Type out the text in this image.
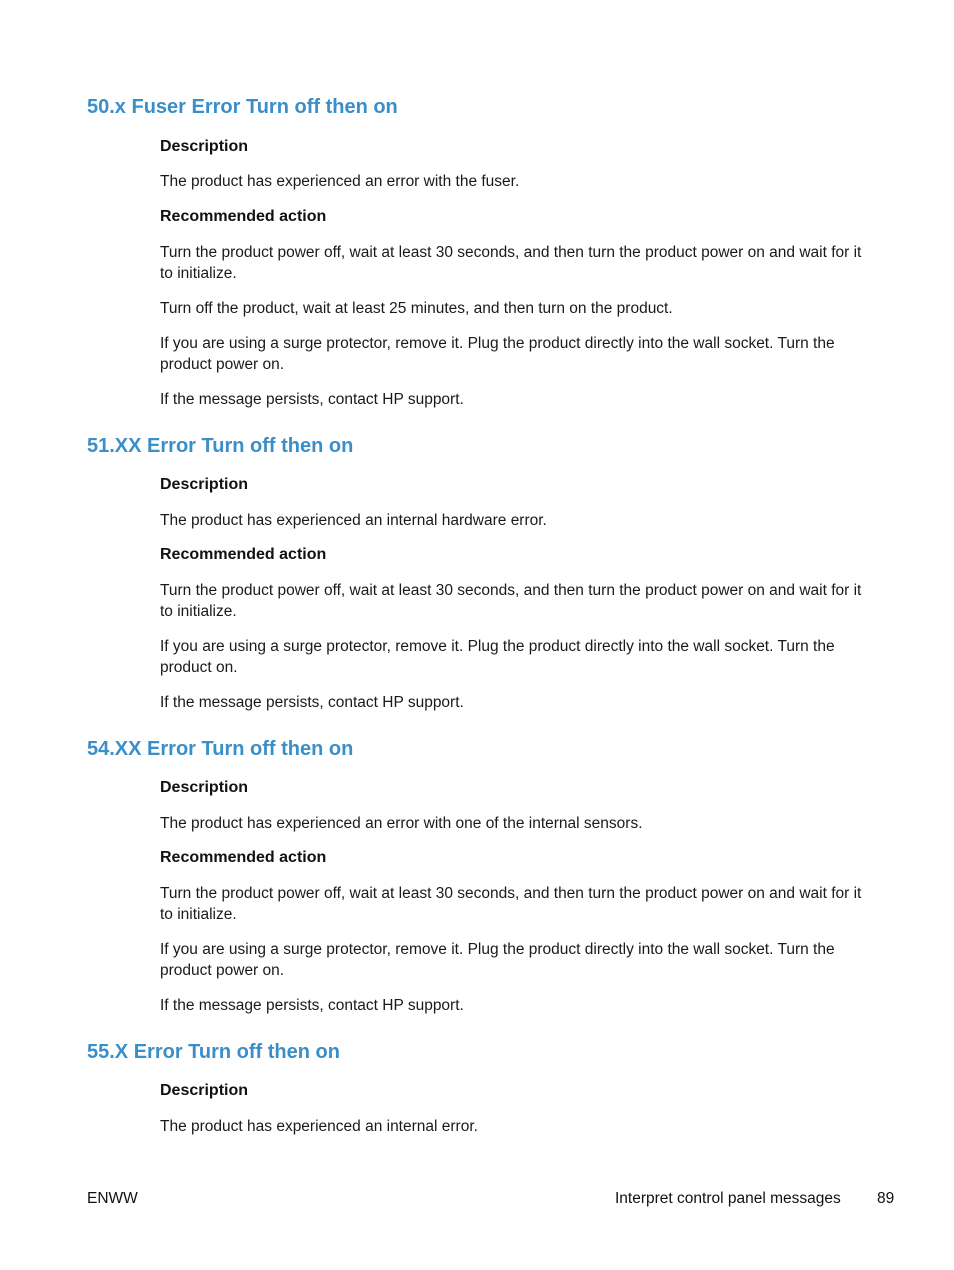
50.x Fuser Error Turn off then on
Description

The product has experienced an error with the fuser.

Recommended action

Turn the product power off, wait at least 30 seconds, and then turn the product power on and wait for it to initialize.

Turn off the product, wait at least 25 minutes, and then turn on the product.

If you are using a surge protector, remove it. Plug the product directly into the wall socket. Turn the product power on.

If the message persists, contact HP support.

51.XX Error Turn off then on
Description

The product has experienced an internal hardware error.

Recommended action

Turn the product power off, wait at least 30 seconds, and then turn the product power on and wait for it to initialize.

If you are using a surge protector, remove it. Plug the product directly into the wall socket. Turn the product on.

If the message persists, contact HP support.

54.XX Error Turn off then on
Description

The product has experienced an error with one of the internal sensors.

Recommended action

Turn the product power off, wait at least 30 seconds, and then turn the product power on and wait for it to initialize.

If you are using a surge protector, remove it. Plug the product directly into the wall socket. Turn the product power on.

If the message persists, contact HP support.

55.X Error Turn off then on
Description

The product has experienced an internal error.

ENWW	Interpret control panel messages 89
